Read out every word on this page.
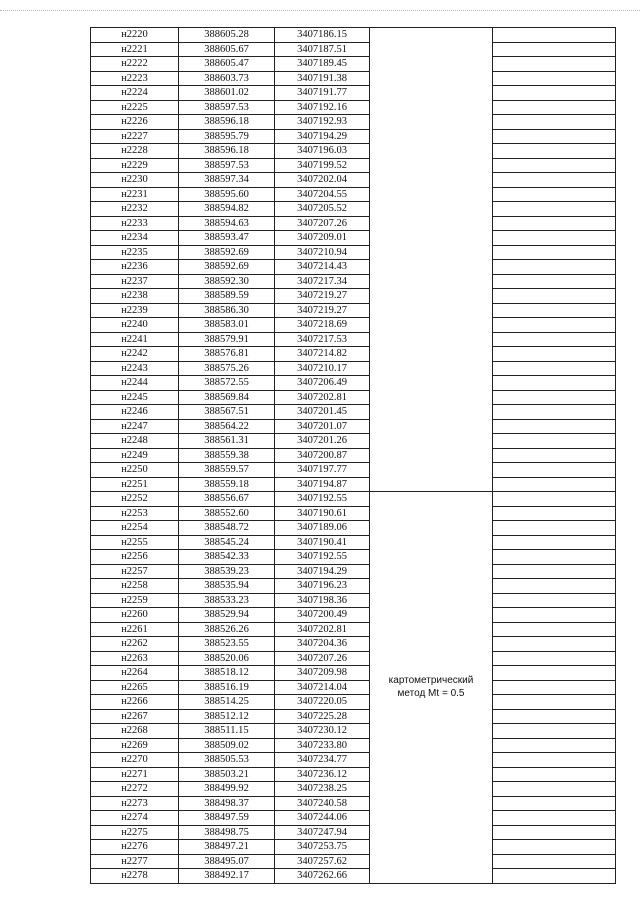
н2220	388605.28	3407186.15		
н2221	388605.67	3407187.51		
н2222	388605.47	3407189.45		
н2223	388603.73	3407191.38		
н2224	388601.02	3407191.77		
н2225	388597.53	3407192.16		
н2226	388596.18	3407192.93		
н2227	388595.79	3407194.29		
н2228	388596.18	3407196.03		
н2229	388597.53	3407199.52		
н2230	388597.34	3407202.04		
н2231	388595.60	3407204.55		
н2232	388594.82	3407205.52		
н2233	388594.63	3407207.26		
н2234	388593.47	3407209.01		
н2235	388592.69	3407210.94		
н2236	388592.69	3407214.43		
н2237	388592.30	3407217.34		
н2238	388589.59	3407219.27		
н2239	388586.30	3407219.27		
н2240	388583.01	3407218.69		
н2241	388579.91	3407217.53		
н2242	388576.81	3407214.82		
н2243	388575.26	3407210.17		
н2244	388572.55	3407206.49		
н2245	388569.84	3407202.81		
н2246	388567.51	3407201.45		
н2247	388564.22	3407201.07		
н2248	388561.31	3407201.26		
н2249	388559.38	3407200.87		
н2250	388559.57	3407197.77		
н2251	388559.18	3407194.87		
н2252	388556.67	3407192.55	картометрический метод Mt = 0.5	
н2253	388552.60	3407190.61		
н2254	388548.72	3407189.06		
н2255	388545.24	3407190.41		
н2256	388542.33	3407192.55		
н2257	388539.23	3407194.29		
н2258	388535.94	3407196.23		
н2259	388533.23	3407198.36		
н2260	388529.94	3407200.49		
н2261	388526.26	3407202.81		
н2262	388523.55	3407204.36		
н2263	388520.06	3407207.26		
н2264	388518.12	3407209.98		
н2265	388516.19	3407214.04		
н2266	388514.25	3407220.05		
н2267	388512.12	3407225.28		
н2268	388511.15	3407230.12		
н2269	388509.02	3407233.80		
н2270	388505.53	3407234.77		
н2271	388503.21	3407236.12		
н2272	388499.92	3407238.25		
н2273	388498.37	3407240.58		
н2274	388497.59	3407244.06		
н2275	388498.75	3407247.94		
н2276	388497.21	3407253.75		
н2277	388495.07	3407257.62		
н2278	388492.17	3407262.66		
